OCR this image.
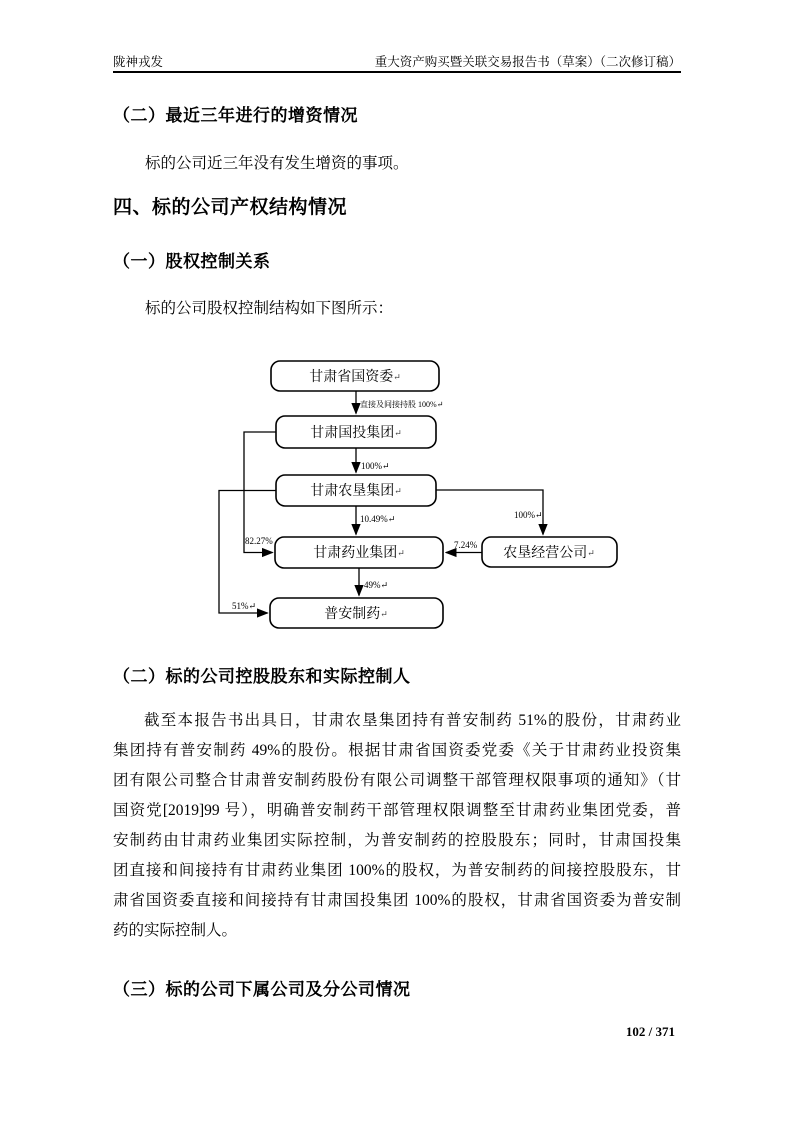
陇神戎发	重大资产购买暨关联交易报告书（草案）（二次修订稿）
（二）最近三年进行的增资情况
标的公司近三年没有发生增资的事项。
四、标的公司产权结构情况
（一）股权控制关系
标的公司股权控制结构如下图所示：
直接及间接持股 100%↵
100%↵
10.49%↵
82.27%
100%↵
7.24%
49%↵
51%↵
甘肃省国资委↵
甘肃国投集团↵
甘肃农垦集团↵
甘肃药业集团↵
普安制药↵
农垦经营公司↵
（二）标的公司控股股东和实际控制人
截至本报告书出具日，甘肃农垦集团持有普安制药 51%的股份，甘肃药业
集团持有普安制药 49%的股份。根据甘肃省国资委党委《关于甘肃药业投资集
团有限公司整合甘肃普安制药股份有限公司调整干部管理权限事项的通知》（甘
国资党[2019]99 号），明确普安制药干部管理权限调整至甘肃药业集团党委，普
安制药由甘肃药业集团实际控制，为普安制药的控股股东；同时，甘肃国投集
团直接和间接持有甘肃药业集团 100%的股权，为普安制药的间接控股股东，甘
肃省国资委直接和间接持有甘肃国投集团 100%的股权，甘肃省国资委为普安制
药的实际控制人。
（三）标的公司下属公司及分公司情况
102 / 371
